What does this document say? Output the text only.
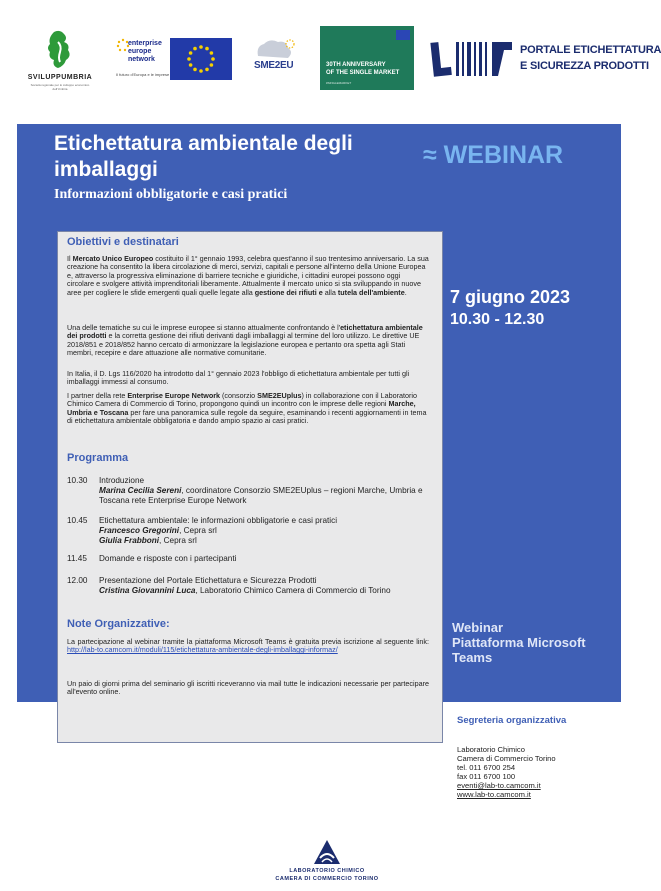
SVILUPPUMBRIA
Società regionale per lo sviluppo economico dell'Umbria
enterprise
europe
network
Il futuro d'Europa e le imprese
SME2EU	30TH ANNIVERSARY
OF THE SINGLE MARKET
#SINGLEMARKET
PORTALE ETICHETTATURA
E SICUREZZA PRODOTTI
Etichettatura ambientale degli imballaggi
Informazioni obbligatorie e casi pratici
≈ WEBINAR
7 giugno 2023
10.30 - 12.30
Webinar
Piattaforma Microsoft Teams
Obiettivi e destinatari
Il Mercato Unico Europeo costituito il 1° gennaio 1993, celebra quest'anno il suo trentesimo anniversario. La sua creazione ha consentito la libera circolazione di merci, servizi, capitali e persone all'interno della Unione Europea e, attraverso la progressiva eliminazione di barriere tecniche e giuridiche, i cittadini europei possono oggi circolare e svolgere attività imprenditoriali liberamente. Attualmente il mercato unico si sta sviluppando in nuove aree per cogliere le sfide emergenti quali quelle legate alla gestione dei rifiuti e alla tutela dell'ambiente.
Una delle tematiche su cui le imprese europee si stanno attualmente confrontando è l'etichettatura ambientale dei prodotti e la corretta gestione dei rifiuti derivanti dagli imballaggi al termine del loro utilizzo. Le direttive UE 2018/851 e 2018/852 hanno cercato di armonizzare la legislazione europea e pertanto ora spetta agli Stati membri, recepire e dare attuazione alle normative comunitarie.
In Italia, il D. Lgs 116/2020 ha introdotto dal 1° gennaio 2023 l'obbligo di etichettatura ambientale per tutti gli imballaggi immessi al consumo.
I partner della rete Enterprise Europe Network (consorzio SME2EUplus) in collaborazione con il Laboratorio Chimico Camera di Commercio di Torino, propongono quindi un incontro con le imprese delle regioni Marche, Umbria e Toscana per fare una panoramica sulle regole da seguire, esaminando i recenti aggiornamenti in tema di etichettatura ambientale obbligatoria e dando ampio spazio ai casi pratici.
Programma
10.30	Introduzione
Marina Cecilia Sereni, coordinatore Consorzio SME2EUplus – regioni Marche, Umbria e Toscana rete Enterprise Europe Network
10.45	Etichettatura ambientale: le informazioni obbligatorie e casi pratici
Francesco Gregorini, Cepra srl
Giulia Frabboni, Cepra srl
11.45	Domande e risposte con i partecipanti
12.00	Presentazione del Portale Etichettatura e Sicurezza Prodotti
Cristina Giovannini Luca, Laboratorio Chimico Camera di Commercio di Torino
Note Organizzative:
La partecipazione al webinar tramite la piattaforma Microsoft Teams è gratuita previa iscrizione al seguente link: http://lab-to.camcom.it/moduli/115/etichettatura-ambientale-degli-imballaggi-informaz/
Un paio di giorni prima del seminario gli iscritti riceveranno via mail tutte le indicazioni necessarie per partecipare all'evento online.
Segreteria organizzativa
Laboratorio Chimico
Camera di Commercio Torino
tel. 011 6700 254
fax 011 6700 100
eventi@lab-to.camcom.it
www.lab-to.camcom.it
LABORATORIO CHIMICO
CAMERA DI COMMERCIO TORINO
